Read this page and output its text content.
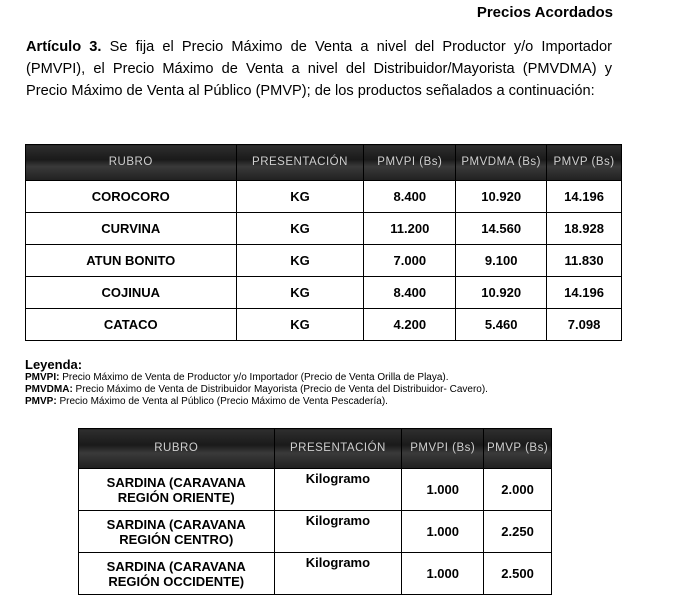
Precios Acordados
Artículo 3. Se fija el Precio Máximo de Venta a nivel del Productor y/o Importador (PMVPI), el Precio Máximo de Venta a nivel del Distribuidor/Mayorista (PMVDMA) y Precio Máximo de Venta al Público (PMVP); de los productos señalados a continuación:
RUBRO	PRESENTACIÓN	PMVPI (Bs)	PMVDMA (Bs)	PMVP (Bs)
COROCORO	KG	8.400	10.920	14.196
CURVINA	KG	11.200	14.560	18.928
ATUN BONITO	KG	7.000	9.100	11.830
COJINUA	KG	8.400	10.920	14.196
CATACO	KG	4.200	5.460	7.098
Leyenda:
PMVPI: Precio Máximo de Venta de Productor y/o Importador (Precio de Venta Orilla de Playa).
PMVDMA: Precio Máximo de Venta de Distribuidor Mayorista (Precio de Venta del Distribuidor- Cavero).
PMVP: Precio Máximo de Venta al Público (Precio Máximo de Venta Pescadería).
RUBRO	PRESENTACIÓN	PMVPI (Bs)	PMVP (Bs)
SARDINA (CARAVANA REGIÓN ORIENTE)	Kilogramo	1.000	2.000
SARDINA (CARAVANA REGIÓN CENTRO)	Kilogramo	1.000	2.250
SARDINA (CARAVANA REGIÓN OCCIDENTE)	Kilogramo	1.000	2.500
